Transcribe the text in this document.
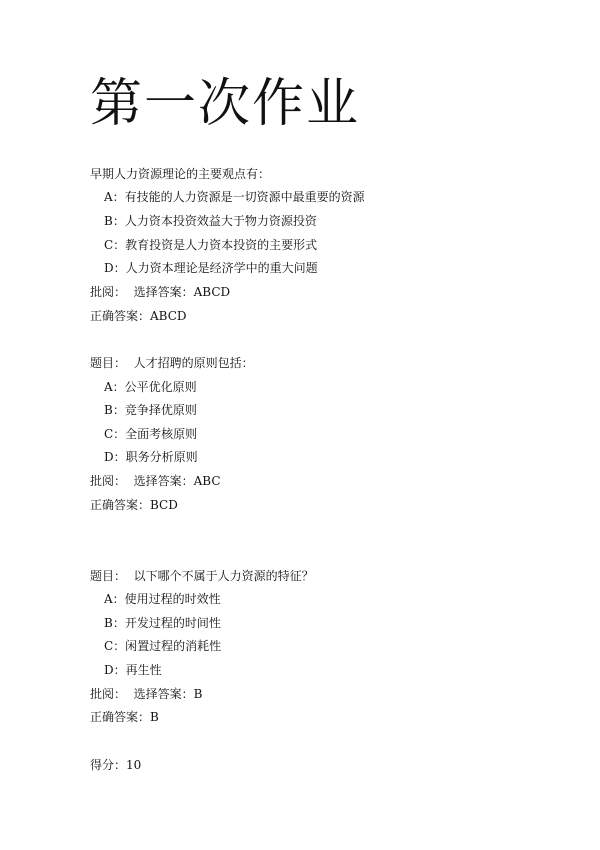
第一次作业
早期人力资源理论的主要观点有：
A：有技能的人力资源是一切资源中最重要的资源
B：人力资本投资效益大于物力资源投资
C：教育投资是人力资本投资的主要形式
D：人力资本理论是经济学中的重大问题
批阅：  选择答案：ABCD
正确答案：ABCD
题目：  人才招聘的原则包括：
A：公平优化原则
B：竞争择优原则
C：全面考核原则
D：职务分析原则
批阅：  选择答案：ABC
正确答案：BCD
题目：  以下哪个不属于人力资源的特征？
A：使用过程的时效性
B：开发过程的时间性
C：闲置过程的消耗性
D：再生性
批阅：  选择答案：B
正确答案：B
得分：10
